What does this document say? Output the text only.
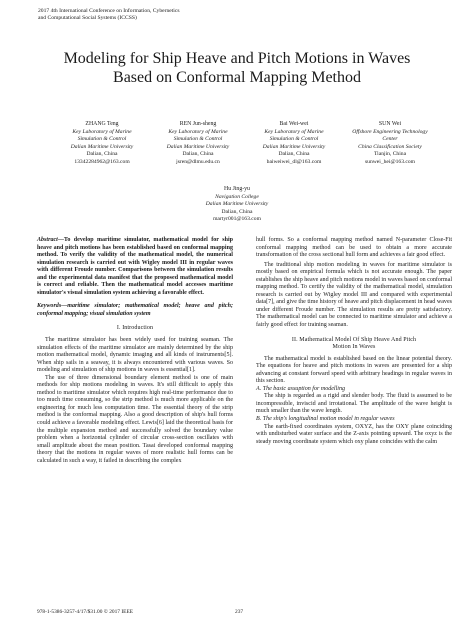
2017 4th International Conference on Information, Cybernetics
and Computational Social Systems (ICCSS)
Modeling for Ship Heave and Pitch Motions in Waves
Based on Conformal Mapping Method
ZHANG Teng
Key Laboratory of Marine
Simulation & Control
Dalian Maritime University
Dalian, China
13342284962@163.com
REN Jun-sheng
Key Laboratory of Marine
Simulation & Control
Dalian Maritime University
Dalian, China
jsren@dlmu.edu.cn
Bai Wei-wei
Key Laboratory of Marine
Simulation & Control
Dalian Maritime University
Dalian, China
baiweiwei_dl@163.com
SUN Wei
Offshore Engineering Technology
Center
China Classification Society
Tianjin, China
sunwei_hei@163.com
Hu Jing-yu
Navigation College
Dalian Maritime University
Dalian, China
martyr001@163.com

Abstract—To develop maritime simulator, mathematical model for ship heave and pitch motions has been established based on conformal mapping method. To verify the validity of the mathematical model, the numerical simulation research is carried out with Wigley model III in regular waves with different Froude number. Comparisons between the simulation results and the experimental data manifest that the proposed mathematical model is correct and reliable. Then the mathematical model accesses maritime simulator's visual simulation system achieving a favorable effect.

Keywords—maritime simulator; mathematical model; heave and pitch; conformal mapping; visual simulation system

I. Introduction

The maritime simulator has been widely used for training seaman. The simulation effects of the maritime simulator are mainly determined by the ship motion mathematical model, dynamic imaging and all kinds of instruments[5]. When ship sails in a seaway, it is always encountered with various waves. So modeling and simulation of ship motions in waves is essential[1].

The use of three dimensional boundary element method is one of main methods for ship motions modeling in waves. It's still difficult to apply this method to maritime simulator which requires high real-time performance due to too much time consuming, so the strip method is much more applicable on the engineering for much less computation time. The essential theory of the strip method is the conformal mapping. Also a good description of ship's hull forms could achieve a favorable modeling effect. Lewis[6] laid the theoretical basis for the multiple expansion method and successfully solved the boundary value problem when a horizontal cylinder of circular cross-section oscillates with small amplitude about the mean position. Tasai developed conformal mapping theory that the motions in regular waves of more realistic hull forms can be calculated in such a way, it failed in describing the complex

hull forms. So a conformal mapping method named N-parameter Close-Fit conformal mapping method can be used to obtain a more accurate transformation of the cross sectional hull form and achieves a fair good effect.

The traditional ship motion modeling in waves for maritime simulator is mostly based on empirical formula which is not accurate enough. The paper establishes the ship heave and pitch motions model in waves based on conformal mapping method. To certify the validity of the mathematical model, simulation research is carried out by Wigley model III and compared with experimental data[7], and give the time history of heave and pitch displacement in head waves under different Froude number. The simulation results are pretty satisfactory. The mathematical model can be connected to maritime simulator and achieve a fairly good effect for training seaman.

II. Mathematical Model Of Ship Heave And Pitch
Motion In Waves

The mathematical model is established based on the linear potential theory. The equations for heave and pitch motions in waves are presented for a ship advancing at constant forward speed with arbitrary headings in regular waves in this section.

A. The basic assuption for modelling

The ship is regarded as a rigid and slender body. The fluid is assumed to be incompressible, inviscid and irrotational. The amplitude of the wave height is much smaller than the wave length.

B. The ship's longitudinal motion model in regular waves

The earth-fixed coordinates system, OXYZ, has the OXY plane coinciding with undisturbed water surface and the Z-axis pointing upward. The oxyz is the steady moving coordinate system which oxy plane coincides with the calm

978-1-5386-3257-4/17/$31.00 © 2017 IEEE	237
